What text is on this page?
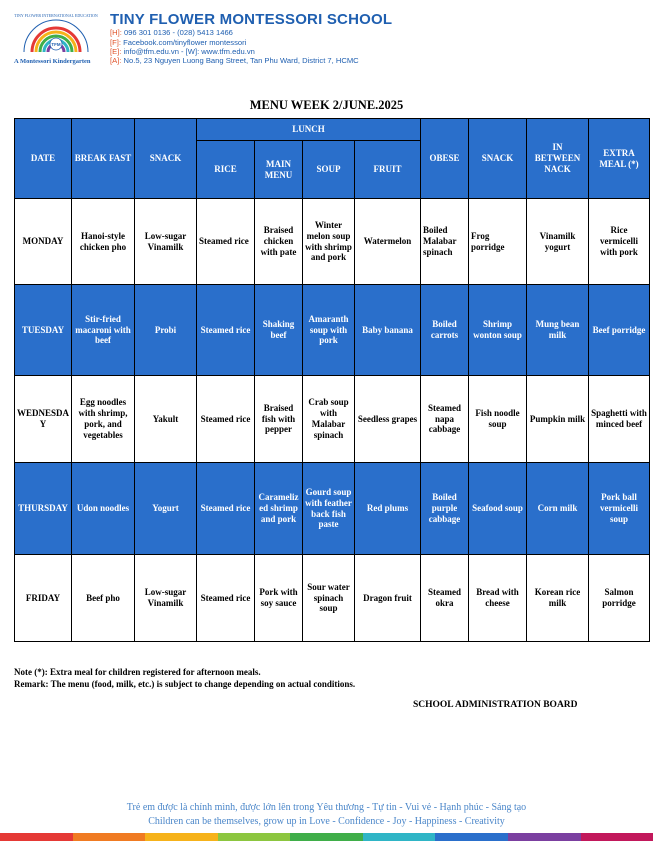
TFM
TINY FLOWER INTERNATIONAL EDUCATION
A Montessori Kindergarten
TINY FLOWER MONTESSORI SCHOOL
[H]: 096 301 0136 - (028) 5413 1466
[F]: Facebook.com/tinyflower montessori
[E]: info@tfm.edu.vn - [W]: www.tfm.edu.vn
[A]: No.5, 23 Nguyen Luong Bang Street, Tan Phu Ward, District 7, HCMC
MENU WEEK 2/JUNE.2025
DATE	BREAK FAST	SNACK	LUNCH				OBESE	SNACK	IN BETWEEN NACK	EXTRA MEAL (*)
			RICE	MAIN MENU	SOUP	FRUIT				
MONDAY	Hanoi-style chicken pho	Low-sugar Vinamilk	Steamed rice	Braised chicken with pate	Winter melon soup with shrimp and pork	Watermelon	Boiled Malabar spinach	Frog porridge	Vinamilk yogurt	Rice vermicelli with pork
TUESDAY	Stir-fried macaroni with beef	Probi	Steamed rice	Shaking beef	Amaranth soup with pork	Baby banana	Boiled carrots	Shrimp wonton soup	Mung bean milk	Beef porridge
WEDNESDAY	Egg noodles with shrimp, pork, and vegetables	Yakult	Steamed rice	Braised fish with pepper	Crab soup with Malabar spinach	Seedless grapes	Steamed napa cabbage	Fish noodle soup	Pumpkin milk	Spaghetti with minced beef
THURSDAY	Udon noodles	Yogurt	Steamed rice	Caramelized shrimp and pork	Gourd soup with feather back fish paste	Red plums	Boiled purple cabbage	Seafood soup	Corn milk	Pork ball vermicelli soup
FRIDAY	Beef pho	Low-sugar Vinamilk	Steamed rice	Pork with soy sauce	Sour water spinach soup	Dragon fruit	Steamed okra	Bread with cheese	Korean rice milk	Salmon porridge
Note (*): Extra meal for children registered for afternoon meals.
Remark: The menu (food, milk, etc.) is subject to change depending on actual conditions.
SCHOOL ADMINISTRATION BOARD
Trẻ em được là chính mình, được lớn lên trong Yêu thương - Tự tin - Vui vẻ - Hạnh phúc - Sáng tạo
Children can be themselves, grow up in Love - Confidence - Joy - Happiness - Creativity
